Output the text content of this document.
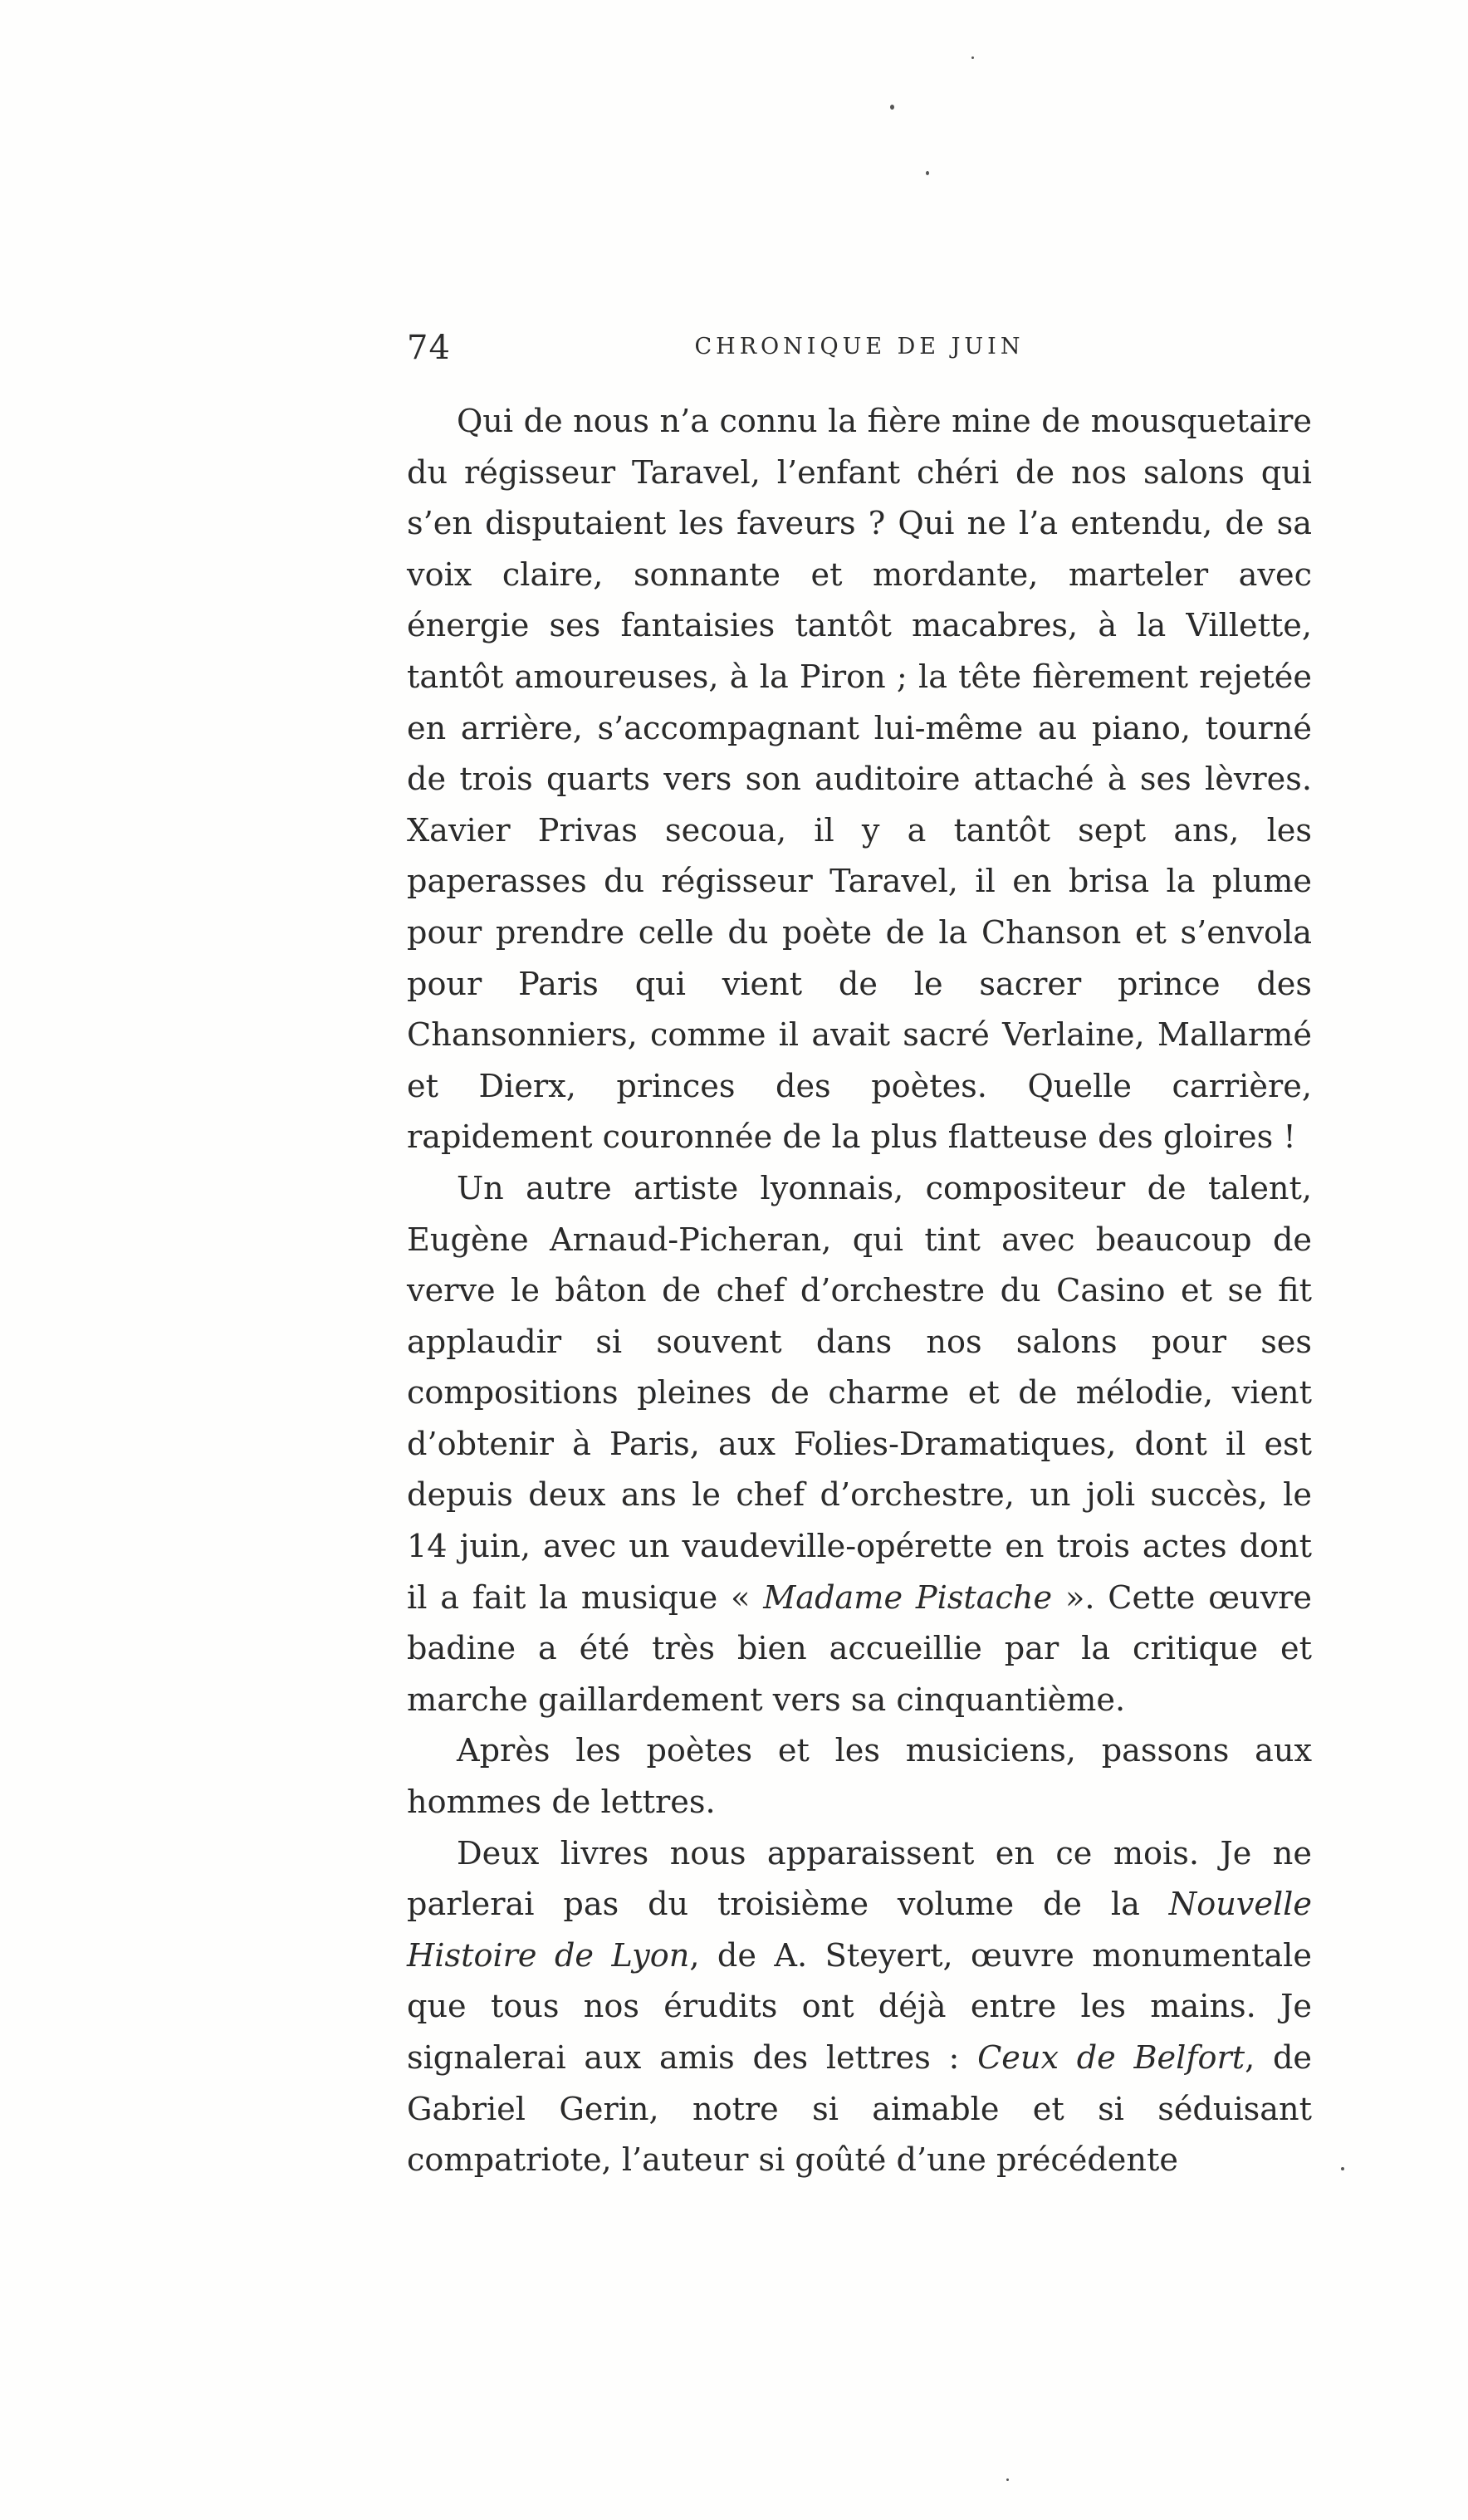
74	CHRONIQUE DE JUIN

Qui de nous n’a connu la fière mine de mousquetaire du régisseur Taravel, l’enfant chéri de nos salons qui s’en disputaient les faveurs ? Qui ne l’a entendu, de sa voix claire, sonnante et mordante, marteler avec énergie ses fantaisies tantôt macabres, à la Villette, tantôt amoureuses, à la Piron ; la tête fièrement rejetée en arrière, s’accompagnant lui-même au piano, tourné de trois quarts vers son auditoire attaché à ses lèvres. Xavier Privas secoua, il y a tantôt sept ans, les paperasses du régisseur Taravel, il en brisa la plume pour prendre celle du poète de la Chanson et s’envola pour Paris qui vient de le sacrer prince des Chansonniers, comme il avait sacré Verlaine, Mallarmé et Dierx, princes des poètes. Quelle carrière, rapidement couronnée de la plus flatteuse des gloires !

Un autre artiste lyonnais, compositeur de talent, Eugène Arnaud-Picheran, qui tint avec beaucoup de verve le bâton de chef d’orchestre du Casino et se fit applaudir si souvent dans nos salons pour ses compositions pleines de charme et de mélodie, vient d’obtenir à Paris, aux Folies-Dramatiques, dont il est depuis deux ans le chef d’orchestre, un joli succès, le 14 juin, avec un vaudeville-opérette en trois actes dont il a fait la musique « Madame Pistache ». Cette œuvre badine a été très bien accueillie par la critique et marche gaillardement vers sa cinquantième.

Après les poètes et les musiciens, passons aux hommes de lettres.

Deux livres nous apparaissent en ce mois. Je ne parlerai pas du troisième volume de la Nouvelle Histoire de Lyon, de A. Steyert, œuvre monumentale que tous nos érudits ont déjà entre les mains. Je signalerai aux amis des lettres : Ceux de Belfort, de Gabriel Gerin, notre si aimable et si séduisant compatriote, l’auteur si goûté d’une précédente
